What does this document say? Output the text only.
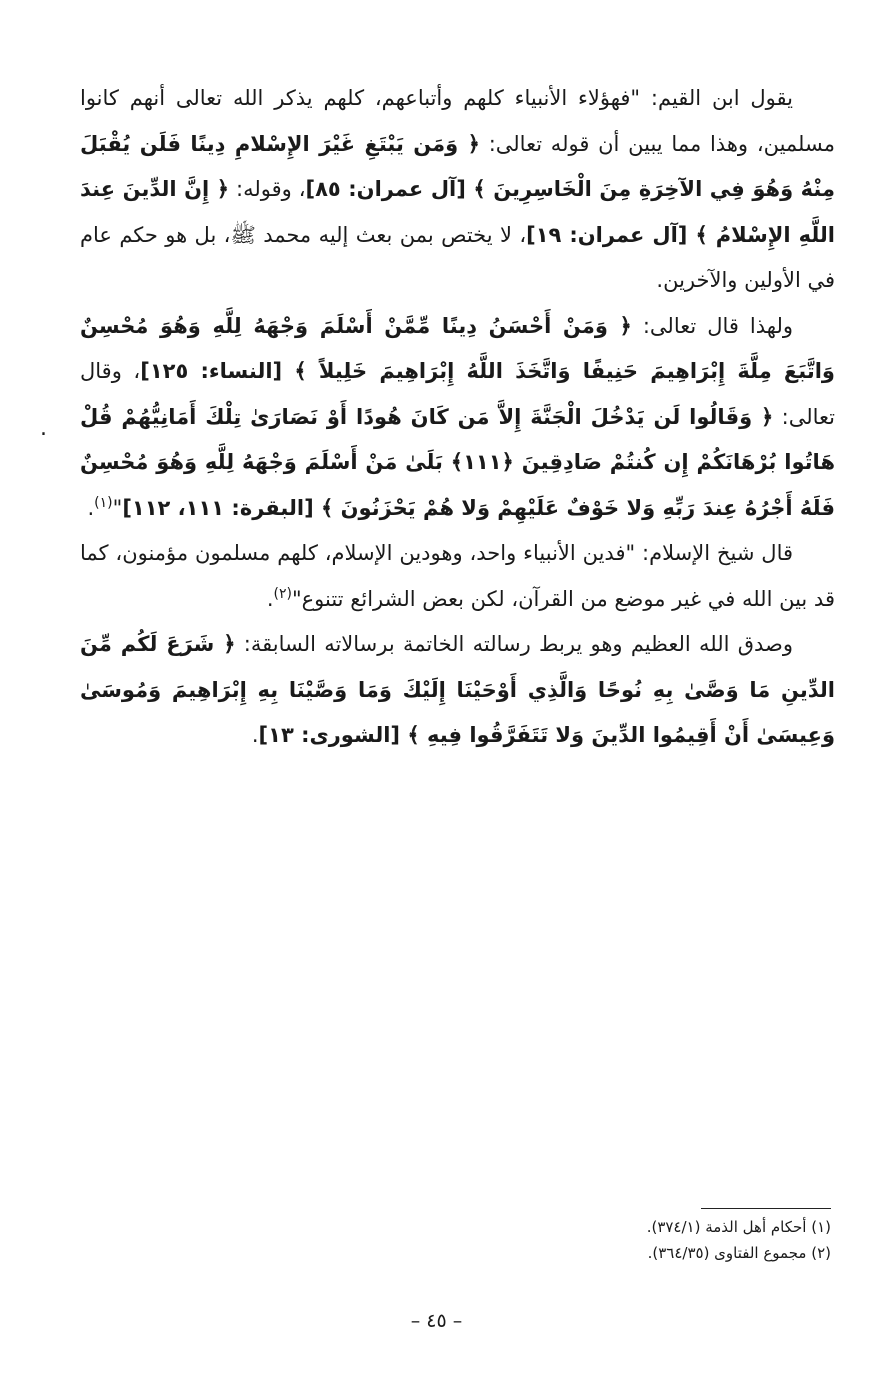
يقول ابن القيم: "فهؤلاء الأنبياء كلهم وأتباعهم، كلهم يذكر الله تعالى أنهم كانوا مسلمين، وهذا مما يبين أن قوله تعالى: ﴿ وَمَن يَبْتَغِ غَيْرَ الإِسْلامِ دِينًا فَلَن يُقْبَلَ مِنْهُ وَهُوَ فِي الآخِرَةِ مِنَ الْخَاسِرِينَ ﴾ [آل عمران: ٨٥]، وقوله: ﴿ إِنَّ الدِّينَ عِندَ اللَّهِ الإِسْلامُ ﴾ [آل عمران: ١٩]، لا يختص بمن بعث إليه محمد ﷺ، بل هو حكم عام في الأولين والآخرين.

ولهذا قال تعالى: ﴿ وَمَنْ أَحْسَنُ دِينًا مِّمَّنْ أَسْلَمَ وَجْهَهُ لِلَّهِ وَهُوَ مُحْسِنٌ وَاتَّبَعَ مِلَّةَ إِبْرَاهِيمَ حَنِيفًا وَاتَّخَذَ اللَّهُ إِبْرَاهِيمَ خَلِيلاً ﴾ [النساء: ١٢٥]، وقال تعالى: ﴿ وَقَالُوا لَن يَدْخُلَ الْجَنَّةَ إِلاَّ مَن كَانَ هُودًا أَوْ نَصَارَىٰ تِلْكَ أَمَانِيُّهُمْ قُلْ هَاتُوا بُرْهَانَكُمْ إِن كُنتُمْ صَادِقِينَ ﴿١١١﴾ بَلَىٰ مَنْ أَسْلَمَ وَجْهَهُ لِلَّهِ وَهُوَ مُحْسِنٌ فَلَهُ أَجْرُهُ عِندَ رَبِّهِ وَلا خَوْفٌ عَلَيْهِمْ وَلا هُمْ يَحْزَنُونَ ﴾ [البقرة: ١١١، ١١٢]"$^{(١)}$.

قال شيخ الإسلام: "فدين الأنبياء واحد، وهودين الإسلام، كلهم مسلمون مؤمنون، كما قد بين الله في غير موضع من القرآن، لكن بعض الشرائع تتنوع"$^{(٢)}$.

وصدق الله العظيم وهو يربط رسالته الخاتمة برسالاته السابقة: ﴿ شَرَعَ لَكُم مِّنَ الدِّينِ مَا وَصَّىٰ بِهِ نُوحًا وَالَّذِي أَوْحَيْنَا إِلَيْكَ وَمَا وَصَّيْنَا بِهِ إِبْرَاهِيمَ وَمُوسَىٰ وَعِيسَىٰ أَنْ أَقِيمُوا الدِّينَ وَلا تَتَفَرَّقُوا فِيهِ ﴾ [الشورى: ١٣].

.

(١) أحكام أهل الذمة (٣٧٤/١).

(٢) مجموع الفتاوى (٣٦٤/٣٥).

– ٤٥ –
